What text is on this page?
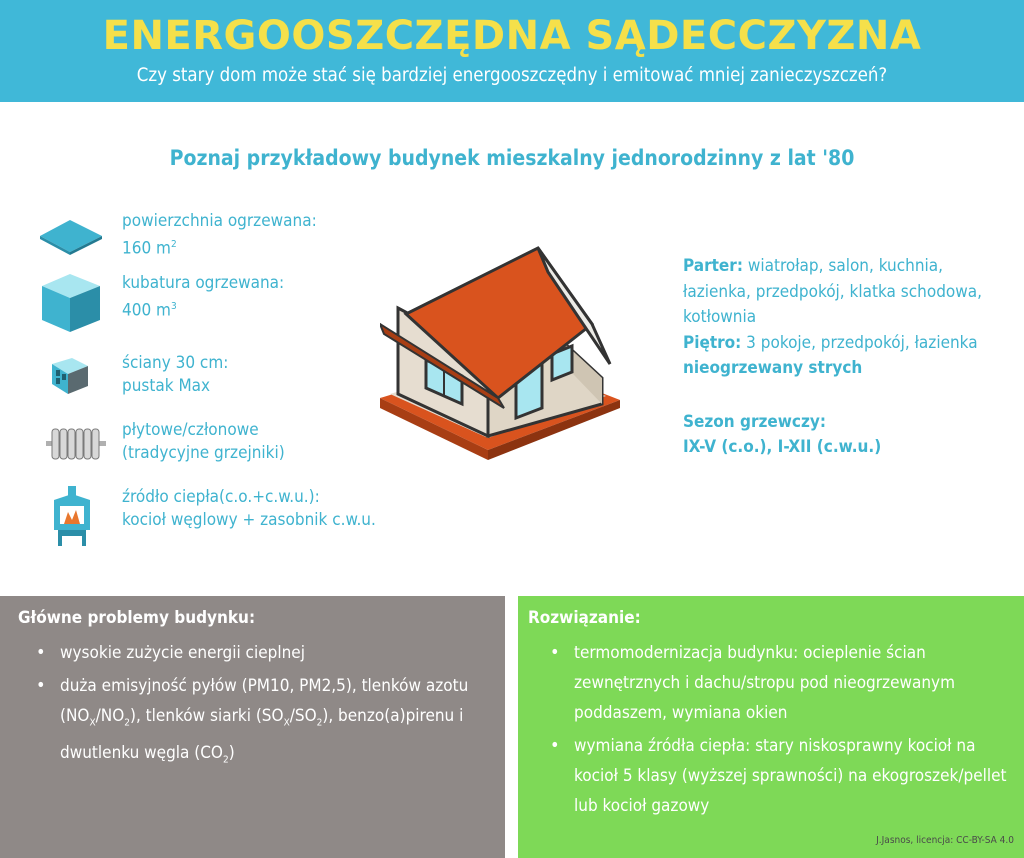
ENERGOOSZCZĘDNA SĄDECCZYZNA
Czy stary dom może stać się bardziej energooszczędny i emitować mniej zanieczyszczeń?
Poznaj przykładowy budynek mieszkalny jednorodzinny z lat '80
powierzchnia ogrzewana:
160 $m^2$
kubatura ogrzewana:
400 $m^3$
ściany 30 cm:
pustak Max
płytowe/członowe
(tradycyjne grzejniki)
źródło ciepła(c.o.+c.w.u.):
kocioł węglowy + zasobnik c.w.u.
Parter: wiatrołap, salon, kuchnia, łazienka, przedpokój, klatka schodowa, kotłownia
Piętro: 3 pokoje, przedpokój, łazienka
nieogrzewany strych
Sezon grzewczy:
IX-V (c.o.), I-XII (c.w.u.)
Główne problemy budynku:
• wysokie zużycie energii cieplnej
• duża emisyjność pyłów (PM10, PM2,5), tlenków azotu $(NO_X/NO_2)$, tlenków siarki $(SO_X/SO_2)$, benzo(a)pirenu i dwutlenku węgla $(CO_2)$
Rozwiązanie:
• termomodernizacja budynku: ocieplenie ścian zewnętrznych i dachu/stropu pod nieogrzewanym poddaszem, wymiana okien
• wymiana źródła ciepła: stary niskosprawny kocioł na kocioł 5 klasy (wyższej sprawności) na ekogroszek/pellet lub kocioł gazowy
J.Jasnos, licencja: CC-BY-SA 4.0
